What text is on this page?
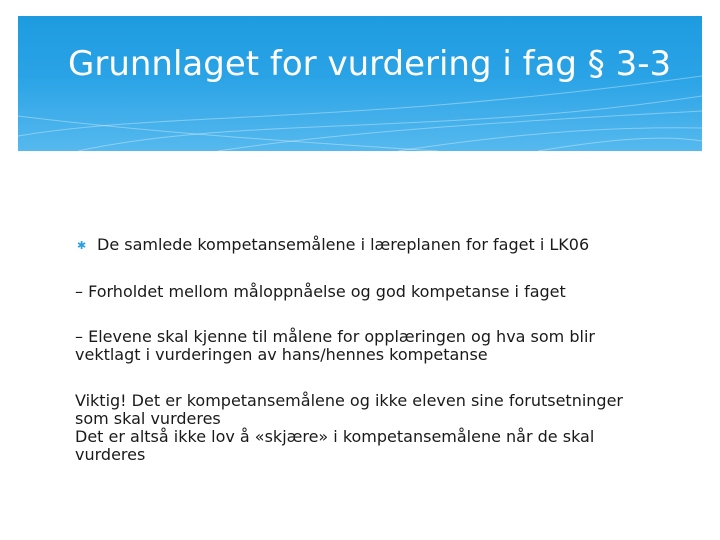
Grunnlaget for vurdering i fag § 3-3
✱ De samlede kompetansemålene i læreplanen for faget i LK06
– Forholdet mellom måloppnåelse og god kompetanse i faget
– Elevene skal kjenne til målene for opplæringen og hva som blir vektlagt i vurderingen av hans/hennes kompetanse
Viktig! Det er kompetansemålene og ikke eleven sine forutsetninger som skal vurderes
Det er altså ikke lov å «skjære» i kompetansemålene når de skal vurderes
